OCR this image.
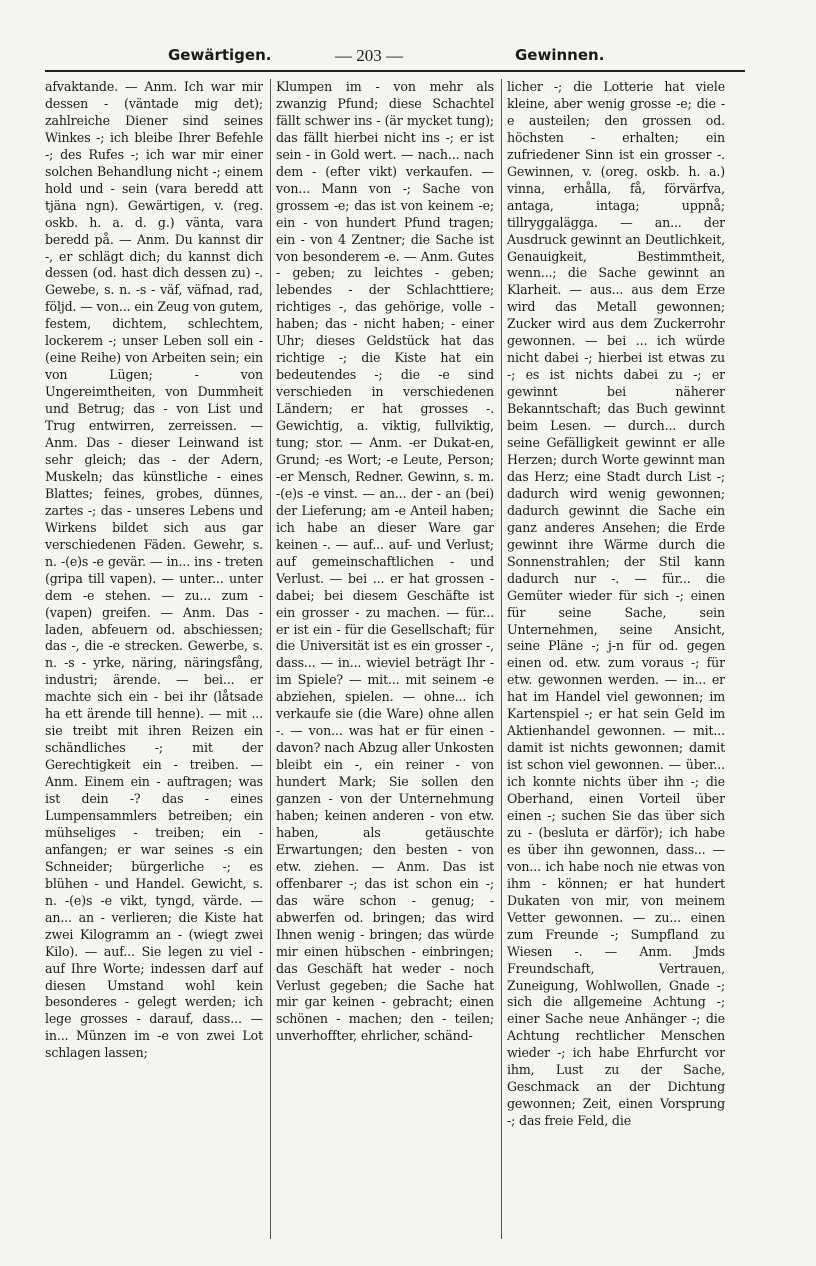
Gewärtigen.	— 203 —	Gewinnen.

afvaktande. — Anm. Ich war mir dessen - (väntade mig det); zahlreiche Diener sind seines Winkes -; ich bleibe Ihrer Befehle -; des Rufes -; ich war mir einer solchen Behandlung nicht -; einem hold und - sein (vara beredd att tjäna ngn). Gewärtigen, v. (reg. oskb. h. a. d. g.) vänta, vara beredd på. — Anm. Du kannst dir -, er schlägt dich; du kannst dich dessen (od. hast dich dessen zu) -. Gewebe, s. n. -s - väf, väfnad, rad, följd. — von... ein Zeug von gutem, festem, dichtem, schlechtem, lockerem -; unser Leben soll ein - (eine Reihe) von Arbeiten sein; ein von Lügen; - von Ungereimtheiten, von Dummheit und Betrug; das - von List und Trug entwirren, zerreissen. — Anm. Das - dieser Leinwand ist sehr gleich; das - der Adern, Muskeln; das künstliche - eines Blattes; feines, grobes, dünnes, zartes -; das - unseres Lebens und Wirkens bildet sich aus gar verschiedenen Fäden. Gewehr, s. n. -(e)s -e gevär. — in... ins - treten (gripa till vapen). — unter... unter dem -e stehen. — zu... zum - (vapen) greifen. — Anm. Das - laden, abfeuern od. abschiessen; das -, die -e strecken. Gewerbe, s. n. -s - yrke, näring, näringsfång, industri; ärende. — bei... er machte sich ein - bei ihr (låtsade ha ett ärende till henne). — mit ... sie treibt mit ihren Reizen ein schändliches -; mit der Gerechtigkeit ein - treiben. — Anm. Einem ein - auftragen; was ist dein -? das - eines Lumpensammlers betreiben; ein mühseliges - treiben; ein - anfangen; er war seines -s ein Schneider; bürgerliche -; es blühen - und Handel. Gewicht, s. n. -(e)s -e vikt, tyngd, värde. — an... an - verlieren; die Kiste hat zwei Kilogramm an - (wiegt zwei Kilo). — auf... Sie legen zu viel - auf Ihre Worte; indessen darf auf diesen Umstand wohl kein besonderes - gelegt werden; ich lege grosses - darauf, dass... — in... Münzen im -e von zwei Lot schlagen lassen;

Klumpen im - von mehr als zwanzig Pfund; diese Schachtel fällt schwer ins - (är mycket tung); das fällt hierbei nicht ins -; er ist sein - in Gold wert. — nach... nach dem - (efter vikt) verkaufen. — von... Mann von -; Sache von grossem -e; das ist von keinem -e; ein - von hundert Pfund tragen; ein - von 4 Zentner; die Sache ist von besonderem -e. — Anm. Gutes - geben; zu leichtes - geben; lebendes - der Schlachttiere; richtiges -, das gehörige, volle - haben; das - nicht haben; - einer Uhr; dieses Geldstück hat das richtige -; die Kiste hat ein bedeutendes -; die -e sind verschieden in verschiedenen Ländern; er hat grosses -. Gewichtig, a. viktig, fullviktig, tung; stor. — Anm. -er Dukat-en, Grund; -es Wort; -e Leute, Person; -er Mensch, Redner. Gewinn, s. m. -(e)s -e vinst. — an... der - an (bei) der Lieferung; am -e Anteil haben; ich habe an dieser Ware gar keinen -. — auf... auf- und Verlust; auf gemeinschaftlichen - und Verlust. — bei ... er hat grossen - dabei; bei diesem Geschäfte ist ein grosser - zu machen. — für... er ist ein - für die Gesellschaft; für die Universität ist es ein grosser -, dass... — in... wieviel beträgt Ihr - im Spiele? — mit... mit seinem -e abziehen, spielen. — ohne... ich verkaufe sie (die Ware) ohne allen -. — von... was hat er für einen - davon? nach Abzug aller Unkosten bleibt ein -, ein reiner - von hundert Mark; Sie sollen den ganzen - von der Unternehmung haben; keinen anderen - von etw. haben, als getäuschte Erwartungen; den besten - von etw. ziehen. — Anm. Das ist offenbarer -; das ist schon ein -; das wäre schon - genug; - abwerfen od. bringen; das wird Ihnen wenig - bringen; das würde mir einen hübschen - einbringen; das Geschäft hat weder - noch Verlust gegeben; die Sache hat mir gar keinen - gebracht; einen schönen - machen; den - teilen; unverhoffter, ehrlicher, schänd-

licher -; die Lotterie hat viele kleine, aber wenig grosse -e; die -e austeilen; den grossen od. höchsten - erhalten; ein zufriedener Sinn ist ein grosser -. Gewinnen, v. (oreg. oskb. h. a.) vinna, erhålla, få, förvärfva, antaga, intaga; uppnå; tillryggalägga. — an... der Ausdruck gewinnt an Deutlichkeit, Genauigkeit, Bestimmtheit, wenn...; die Sache gewinnt an Klarheit. — aus... aus dem Erze wird das Metall gewonnen; Zucker wird aus dem Zuckerrohr gewonnen. — bei ... ich würde nicht dabei -; hierbei ist etwas zu -; es ist nichts dabei zu -; er gewinnt bei näherer Bekanntschaft; das Buch gewinnt beim Lesen. — durch... durch seine Gefälligkeit gewinnt er alle Herzen; durch Worte gewinnt man das Herz; eine Stadt durch List -; dadurch wird wenig gewonnen; dadurch gewinnt die Sache ein ganz anderes Ansehen; die Erde gewinnt ihre Wärme durch die Sonnenstrahlen; der Stil kann dadurch nur -. — für... die Gemüter wieder für sich -; einen für seine Sache, sein Unternehmen, seine Ansicht, seine Pläne -; j-n für od. gegen einen od. etw. zum voraus -; für etw. gewonnen werden. — in... er hat im Handel viel gewonnen; im Kartenspiel -; er hat sein Geld im Aktienhandel gewonnen. — mit... damit ist nichts gewonnen; damit ist schon viel gewonnen. — über... ich konnte nichts über ihn -; die Oberhand, einen Vorteil über einen -; suchen Sie das über sich zu - (besluta er därför); ich habe es über ihn gewonnen, dass... — von... ich habe noch nie etwas von ihm - können; er hat hundert Dukaten von mir, von meinem Vetter gewonnen. — zu... einen zum Freunde -; Sumpfland zu Wiesen -. — Anm. Jmds Freundschaft, Vertrauen, Zuneigung, Wohlwollen, Gnade -; sich die allgemeine Achtung -; einer Sache neue Anhänger -; die Achtung rechtlicher Menschen wieder -; ich habe Ehrfurcht vor ihm, Lust zu der Sache, Geschmack an der Dichtung gewonnen; Zeit, einen Vorsprung -; das freie Feld, die
